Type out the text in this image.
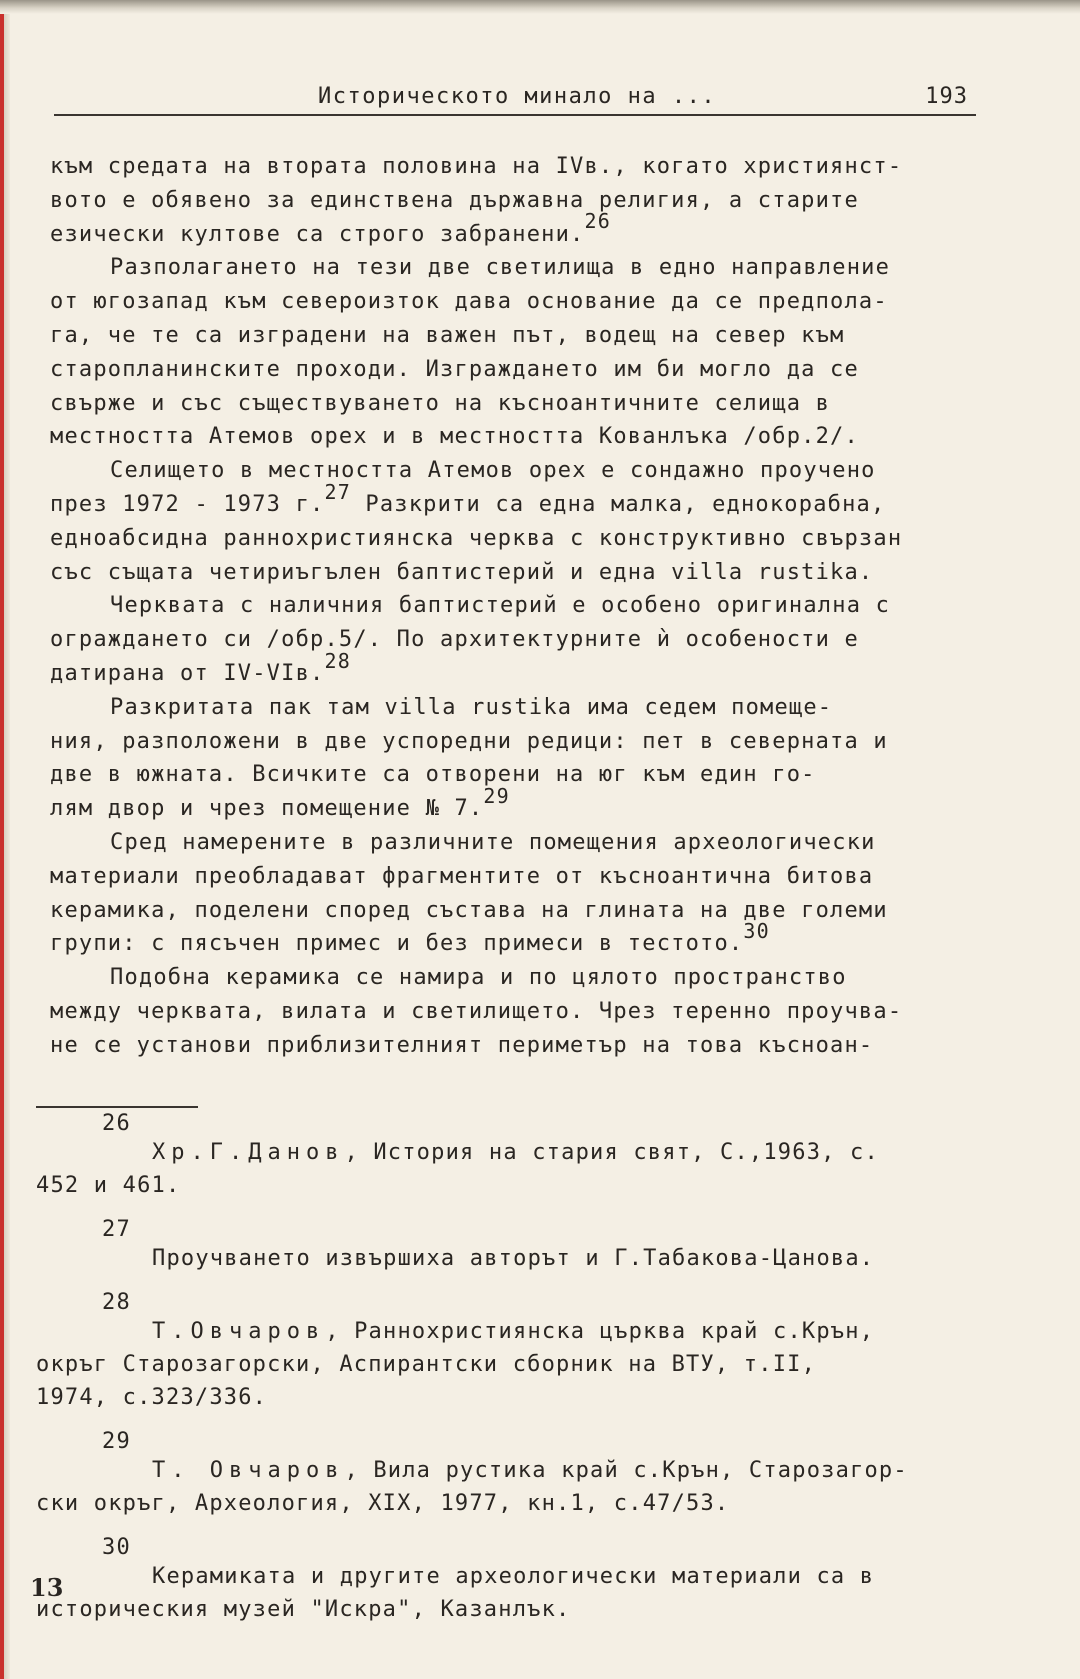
Историческото минало на ...	193
към средата на втората половина на IVв., когато християнст-
вото е обявено за единствена държавна религия, а старите
езически култове са строго забранени.$^{26}$
Разполагането на тези две светилища в едно направление
от югозапад към североизток дава основание да се предпола-
га, че те са изградени на важен път, водещ на север към
старопланинските проходи. Изграждането им би могло да се
свърже и със съществуването на късноантичните селища в
местността Атемов орех и в местността Кованлъка /обр.2/.
Селището в местността Атемов орех е сондажно проучено
през 1972 - 1973 г.$^{27}$ Разкрити са една малка, еднокорабна,
едноабсидна раннохристиянска черква с конструктивно свързан
със същата четириъгълен баптистерий и една villa rustika.
Черквата с наличния баптистерий е особено оригинална с
ограждането си /обр.5/. По архитектурните ѝ особености е
датирана от IV-VIв.$^{28}$
Разкритата пак там villa rustika има седем помеще-
ния, разположени в две успоредни редици: пет в северната и
две в южната. Всичките са отворени на юг към един го-
лям двор и чрез помещение № 7.29
Сред намерените в различните помещения археологически
материали преобладават фрагментите от късноантична битова
керамика, поделени според състава на глината на две големи
групи: с пясъчен примес и без примеси в тестото.$^{30}$
Подобна керамика се намира и по цялото пространство
между черквата, вилата и светилището. Чрез теренно проучва-
не се установи приблизителният периметър на това късноан-
26
Хр.Г.Данов, История на стария свят, С.,1963, с.
452 и 461.
27
Проучването извършиха авторът и Г.Табакова-Цанова.
28
Т.Овчаров, Раннохристиянска църква край с.Крън,
окръг Старозагорски, Аспирантски сборник на ВТУ, т.II,
1974, с.323/336.
29
Т. Овчаров, Вила рустика край с.Крън, Старозагор-
ски окръг, Археология, XIX, 1977, кн.1, с.47/53.
30
Керамиката и другите археологически материали са в
историческия музей "Искра", Казанлък.
13
